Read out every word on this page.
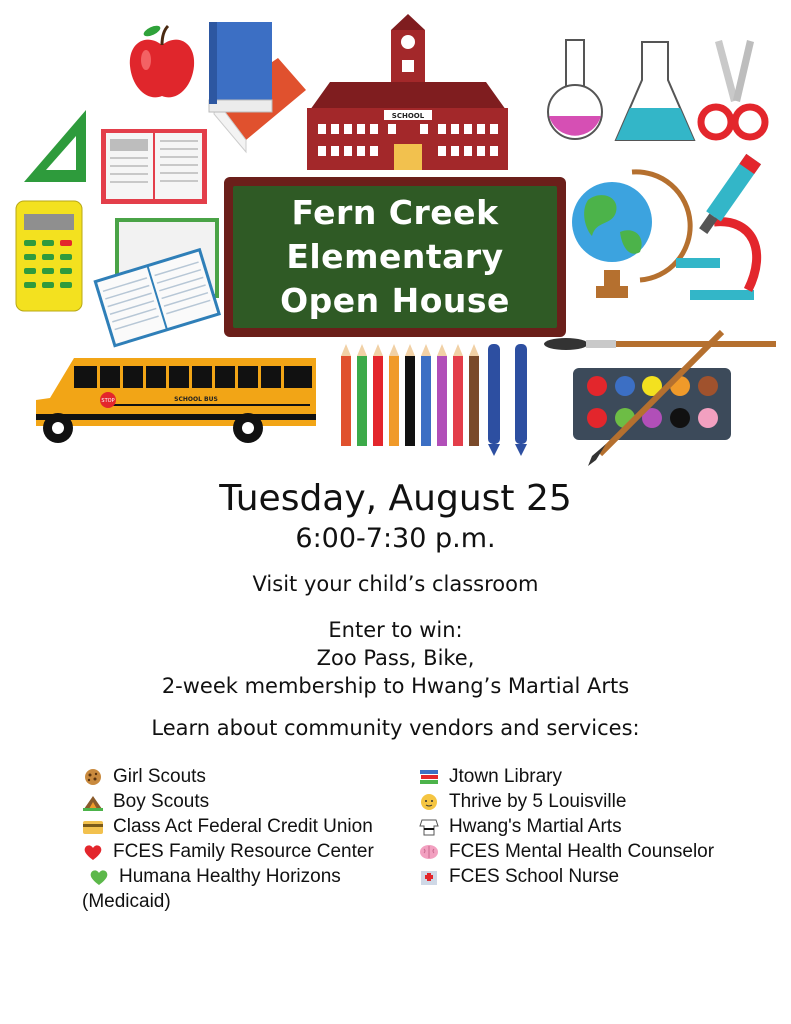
SCHOOL
STOP	SCHOOL BUS
Fern Creek
Elementary
Open House
Tuesday, August 25
6:00-7:30 p.m.
Visit your child’s classroom
Enter to win:
Zoo Pass, Bike,
2-week membership to Hwang’s Martial Arts
Learn about community vendors and services:
Girl Scouts
Boy Scouts
Class Act Federal Credit Union
FCES Family Resource Center
Humana Healthy Horizons
(Medicaid)
Jtown Library
Thrive by 5 Louisville
Hwang's Martial Arts
FCES Mental Health Counselor
FCES School Nurse
